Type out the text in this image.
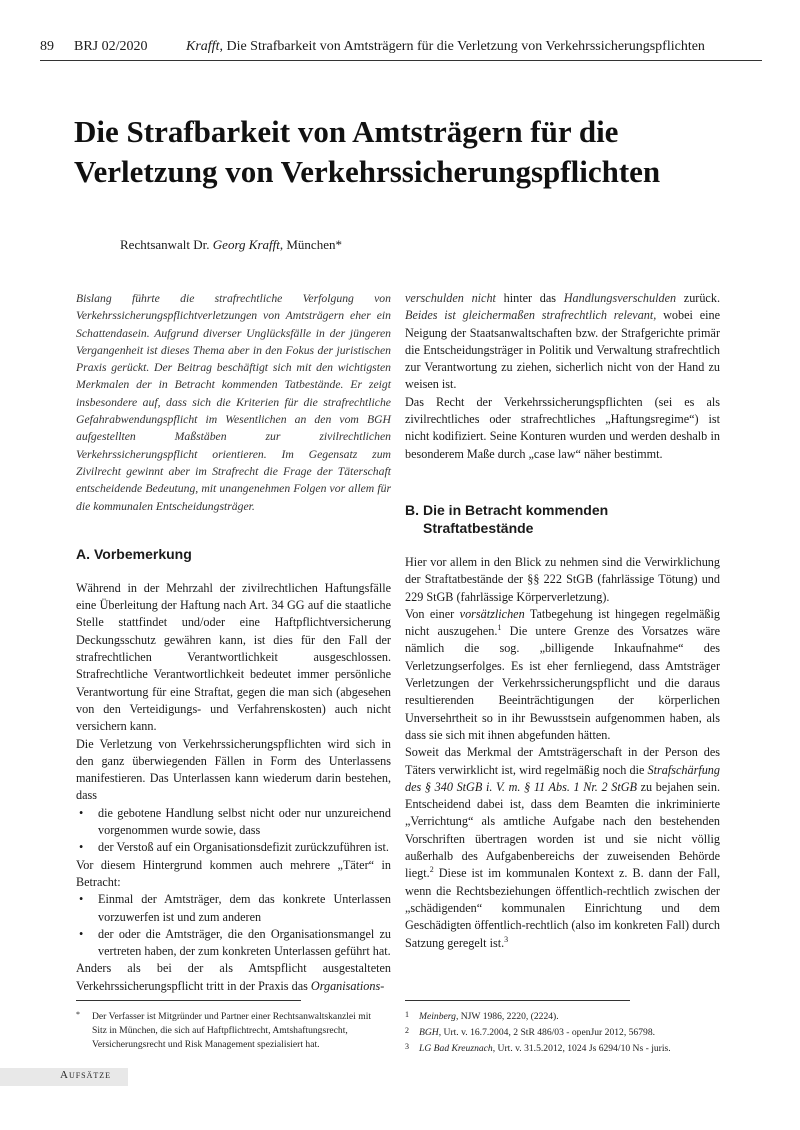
89 BRJ 02/2020	Krafft, Die Strafbarkeit von Amtsträgern für die Verletzung von Verkehrssicherungspflichten
Die Strafbarkeit von Amtsträgern für die
Verletzung von Verkehrssicherungspflichten
Rechtsanwalt Dr. Georg Krafft, München*

Bislang führte die strafrechtliche Verfolgung von Verkehrssicherungspflichtverletzungen von Amtsträgern eher ein Schattendasein. Aufgrund diverser Unglücksfälle in der jüngeren Vergangenheit ist dieses Thema aber in den Fokus der juristischen Praxis gerückt. Der Beitrag beschäftigt sich mit den wichtigsten Merkmalen der in Betracht kommenden Tatbestände. Er zeigt insbesondere auf, dass sich die Kriterien für die strafrechtliche Gefahrabwendungspflicht im Wesentlichen an den vom BGH aufgestellten Maßstäben zur zivilrechtlichen Verkehrssicherungspflicht orientieren. Im Gegensatz zum Zivilrecht gewinnt aber im Strafrecht die Frage der Täterschaft entscheidende Bedeutung, mit unangenehmen Folgen vor allem für die kommunalen Entscheidungsträger.

A. Vorbemerkung

Während in der Mehrzahl der zivilrechtlichen Haftungsfälle eine Überleitung der Haftung nach Art. 34 GG auf die staatliche Stelle stattfindet und/oder eine Haftpflichtversicherung Deckungsschutz gewähren kann, ist dies für den Fall der strafrechtlichen Verantwortlichkeit ausgeschlossen. Strafrechtliche Verantwortlichkeit bedeutet immer persönliche Verantwortung für eine Straftat, gegen die man sich (abgesehen von den Verteidigungs- und Verfahrenskosten) auch nicht versichern kann.

Die Verletzung von Verkehrssicherungspflichten wird sich in den ganz überwiegenden Fällen in Form des Unterlassens manifestieren. Das Unterlassen kann wiederum darin bestehen, dass

• die gebotene Handlung selbst nicht oder nur unzureichend vorgenommen wurde sowie, dass

• der Verstoß auf ein Organisationsdefizit zurückzuführen ist.

Vor diesem Hintergrund kommen auch mehrere „Täter“ in Betracht:

• Einmal der Amtsträger, dem das konkrete Unterlassen vorzuwerfen ist und zum anderen

• der oder die Amtsträger, die den Organisationsmangel zu vertreten haben, der zum konkreten Unterlassen geführt hat.

Anders als bei der als Amtspflicht ausgestalteten Verkehrssicherungspflicht tritt in der Praxis das Organisations-

verschulden nicht hinter das Handlungsverschulden zurück. Beides ist gleichermaßen strafrechtlich relevant, wobei eine Neigung der Staatsanwaltschaften bzw. der Strafgerichte primär die Entscheidungsträger in Politik und Verwaltung strafrechtlich zur Verantwortung zu ziehen, sicherlich nicht von der Hand zu weisen ist.

Das Recht der Verkehrssicherungspflichten (sei es als zivilrechtliches oder strafrechtliches „Haftungsregime“) ist nicht kodifiziert. Seine Konturen wurden und werden deshalb in besonderem Maße durch „case law“ näher bestimmt.

B. Die in Betracht kommenden
Straftatbestände

Hier vor allem in den Blick zu nehmen sind die Verwirklichung der Straftatbestände der §§ 222 StGB (fahrlässige Tötung) und 229 StGB (fahrlässige Körperverletzung).

Von einer vorsätzlichen Tatbegehung ist hingegen regelmäßig nicht auszugehen.$^1$ Die untere Grenze des Vorsatzes wäre nämlich die sog. „billigende Inkaufnahme“ des Verletzungserfolges. Es ist eher fernliegend, dass Amtsträger Verletzungen der Verkehrssicherungspflicht und die daraus resultierenden Beeinträchtigungen der körperlichen Unversehrtheit so in ihr Bewusstsein aufgenommen haben, als dass sie sich mit ihnen abgefunden hätten.

Soweit das Merkmal der Amtsträgerschaft in der Person des Täters verwirklicht ist, wird regelmäßig noch die Strafschärfung des § 340 StGB i. V. m. § 11 Abs. 1 Nr. 2 StGB zu bejahen sein. Entscheidend dabei ist, dass dem Beamten die inkriminierte „Verrichtung“ als amtliche Aufgabe nach den bestehenden Vorschriften übertragen worden ist und sie nicht völlig außerhalb des Aufgabenbereichs der zuweisenden Behörde liegt.$^2$ Diese ist im kommunalen Kontext z. B. dann der Fall, wenn die Rechtsbeziehungen öffentlich-rechtlich zwischen der „schädigenden“ kommunalen Einrichtung und dem Geschädigten öffentlich-rechtlich (also im konkreten Fall) durch Satzung geregelt ist.$^3$

* Der Verfasser ist Mitgründer und Partner einer Rechtsanwaltskanzlei mit Sitz in München, die sich auf Haftpflichtrecht, Amtshaftungsrecht, Versicherungsrecht und Risk Management spezialisiert hat.

1 Meinberg, NJW 1986, 2220, (2224).

2 BGH, Urt. v. 16.7.2004, 2 StR 486/03 - openJur 2012, 56798.

3 LG Bad Kreuznach, Urt. v. 31.5.2012, 1024 Js 6294/10 Ns - juris.

Aufsätze
